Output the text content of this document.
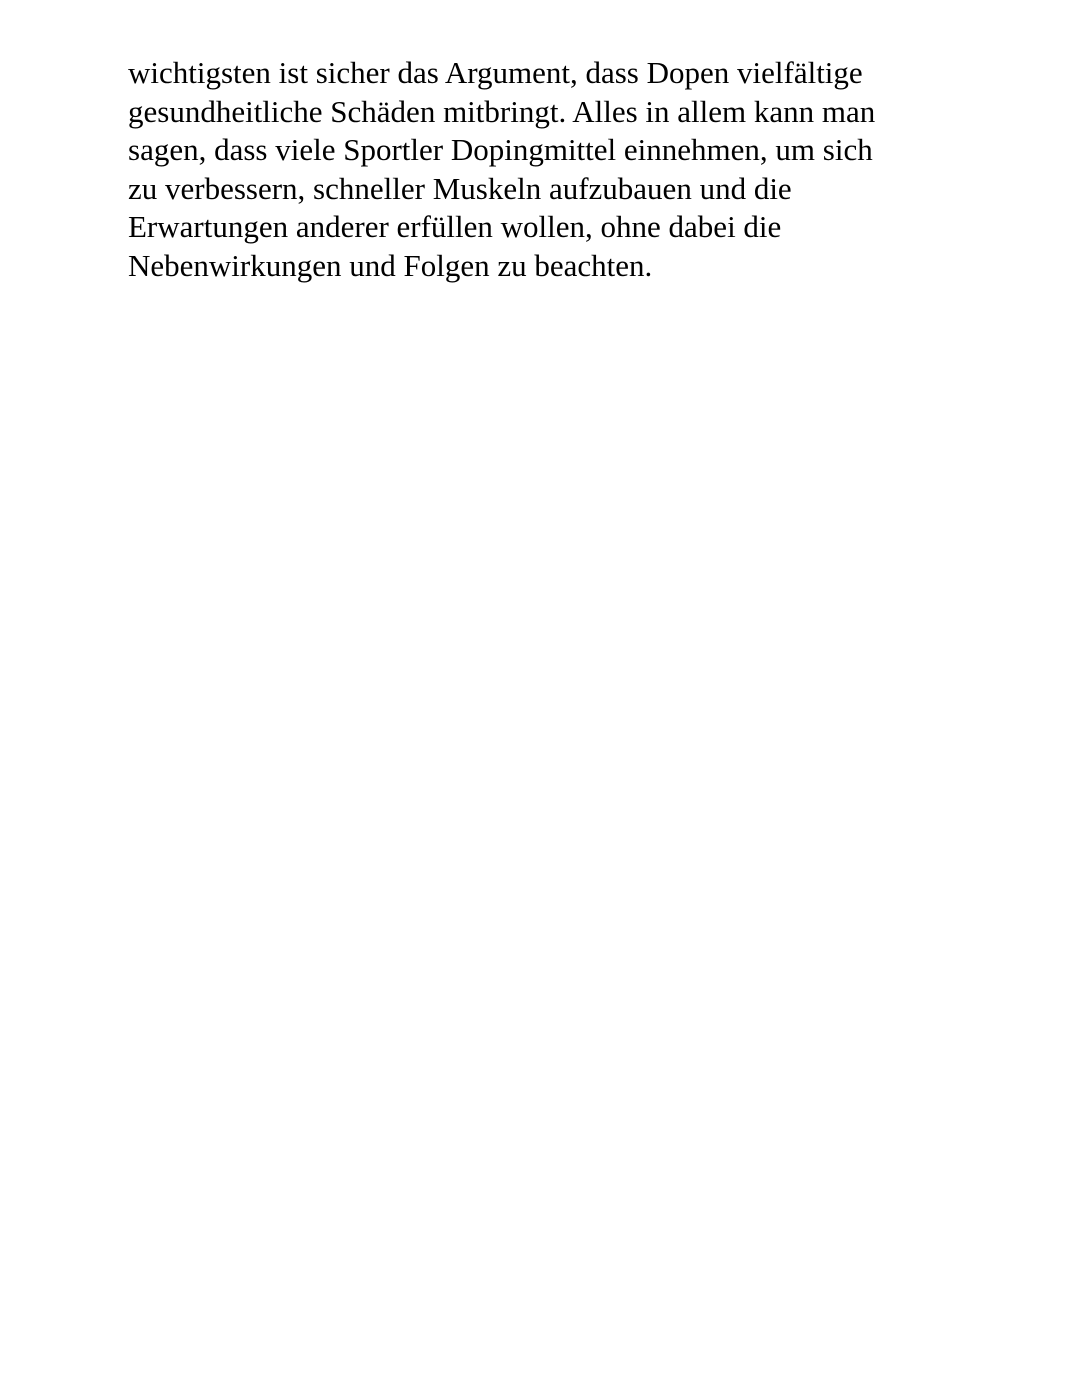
wichtigsten ist sicher das Argument, dass Dopen vielfältige
gesundheitliche Schäden mitbringt. Alles in allem kann man
sagen, dass viele Sportler Dopingmittel einnehmen, um sich
zu verbessern, schneller Muskeln aufzubauen und die
Erwartungen anderer erfüllen wollen, ohne dabei die
Nebenwirkungen und Folgen zu beachten.
